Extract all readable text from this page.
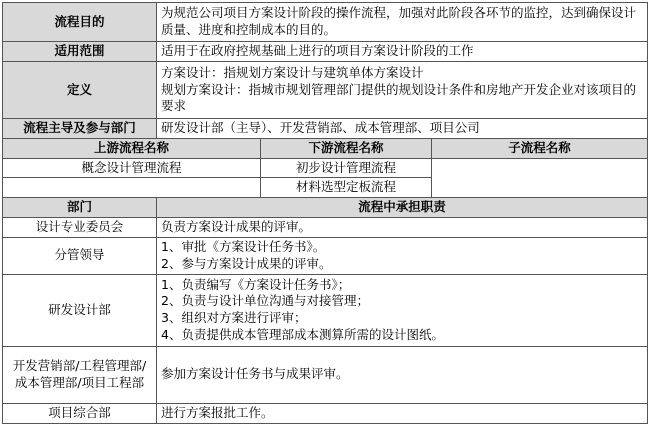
流程目的	为规范公司项目方案设计阶段的操作流程，加强对此阶段各环节的监控，达到确保设计质量、进度和控制成本的目的。		
适用范围	适用于在政府控规基础上进行的项目方案设计阶段的工作		
定义	方案设计：指规划方案设计与建筑单体方案设计
规划方案设计：指城市规划管理部门提供的规划设计条件和房地产开发企业对该项目的要求		
流程主导及参与部门	研发设计部（主导）、开发营销部、成本管理部、项目公司		
上游流程名称		下游流程名称	子流程名称
概念设计管理流程		初步设计管理流程	
		材料选型定板流程	
部门	流程中承担职责		
设计专业委员会	负责方案设计成果的评审。		
分管领导	1、审批《方案设计任务书》。
2、参与方案设计成果的评审。		
研发设计部	1、负责编写《方案设计任务书》；
2、负责与设计单位沟通与对接管理；
3、组织对方案进行评审；
4、负责提供成本管理部成本测算所需的设计图纸。		
开发营销部/工程管理部/成本管理部/项目工程部	参加方案设计任务书与成果评审。		
项目综合部	进行方案报批工作。		
